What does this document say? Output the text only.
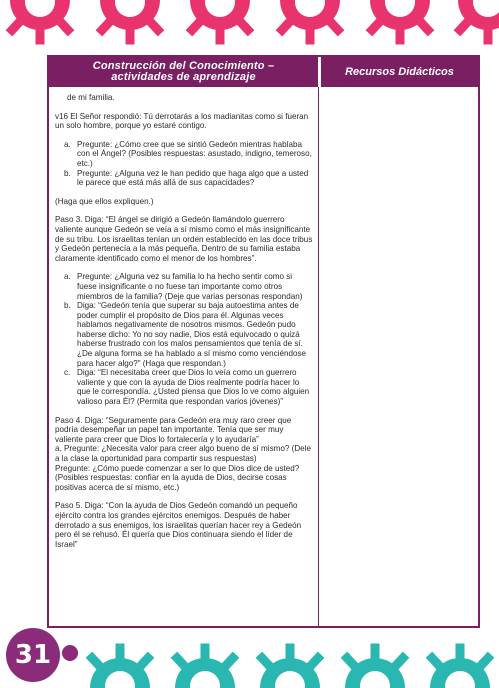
Construcción del Conocimiento –
actividades de aprendizaje	Recursos Didácticos

de mi familia.

v16 El Señor respondió: Tú derrotarás a los madianitas como si fueran un solo hombre, porque yo estaré contigo.

a. Pregunte: ¿Cómo cree que se sintió Gedeón mientras hablaba con el Ángel? (Posibles respuestas: asustado, indigno, temeroso, etc.)
b. Pregunte: ¿Alguna vez le han pedido que haga algo que a usted le parece que está más allá de sus capacidades?

(Haga que ellos expliquen.)

Paso 3. Diga: “El ángel se dirigió a Gedeón llamándolo guerrero valiente aunque Gedeón se veía a sí mismo como el más insignificante de su tribu. Los israelitas tenían un orden establecido en las doce tribus y Gedeón pertenecía a la más pequeña. Dentro de su familia estaba claramente identificado como el menor de los hombres”.

a. Pregunte: ¿Alguna vez su familia lo ha hecho sentir como si fuese insignificante o no fuese tan importante como otros miembros de la familia? (Deje que varias personas respondan)
b. Diga: “Gedeón tenía que superar su baja autoestima antes de poder cumplir el propósito de Dios para él. Algunas veces hablamos negativamente de nosotros mismos. Gedeón pudo haberse dicho: Yo no soy nadie, Dios está equivocado o quizá haberse frustrado con los malos pensamientos que tenía de sí. ¿De alguna forma se ha hablado a sí mismo como venciéndose para hacer algo?” (Haga que respondan.)
c. Diga: “El necesitaba creer que Dios lo veía como un guerrero valiente y que con la ayuda de Dios realmente podría hacer lo que le correspondía. ¿Usted piensa que Dios lo ve como alguien valioso para Él? (Permita que respondan varios jóvenes)”

Paso 4. Diga: “Seguramente para Gedeón era muy raro creer que podría desempeñar un papel tan importante. Tenía que ser muy valiente para creer que Dios lo fortalecería y lo ayudaría”

a. Pregunte: ¿Necesita valor para creer algo bueno de sí mismo? (Dele a la clase la oportunidad para compartir sus respuestas)

Pregunte: ¿Cómo puede comenzar a ser lo que Dios dice de usted? (Posibles respuestas: confiar en la ayuda de Dios, decirse cosas positivas acerca de sí mismo, etc.)

Paso 5. Diga: “Con la ayuda de Dios Gedeón comandó un pequeño ejército contra los grandes ejércitos enemigos. Después de haber derrotado a sus enemigos, los israelitas querían hacer rey a Gedeón pero él se rehusó. Él quería que Dios continuara siendo el líder de Israel”

31
